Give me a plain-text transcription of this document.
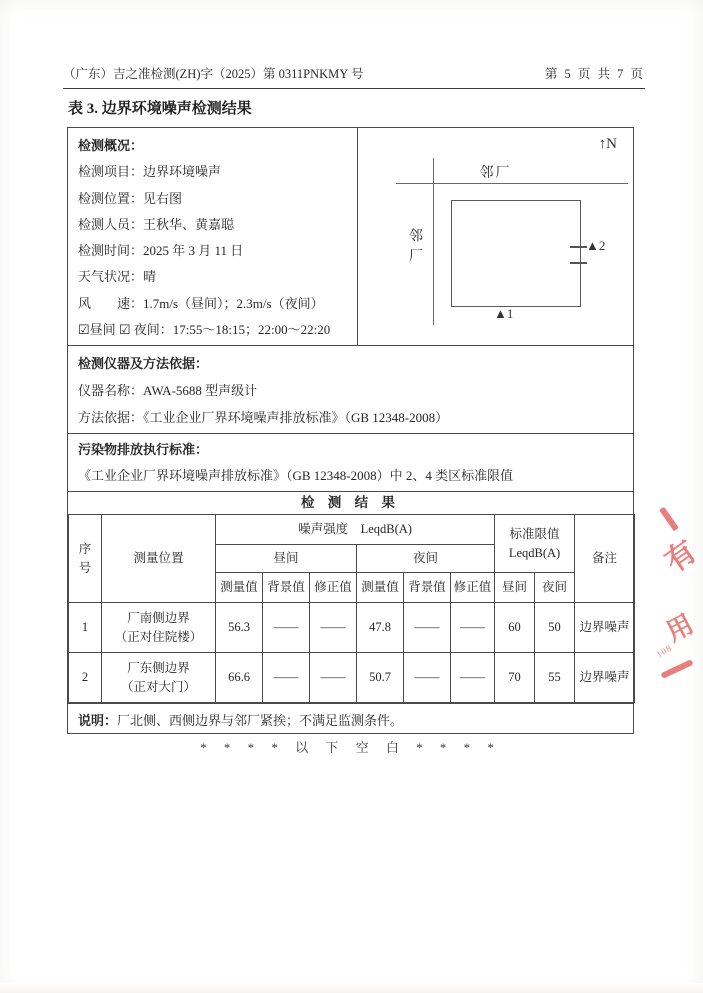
（广东）吉之准检测(ZH)字（2025）第 0311PNKMY 号	第 5 页 共 7 页
表 3. 边界环境噪声检测结果
检测概况：
检测项目：边界环境噪声
检测位置：见右图
检测人员：王秋华、黄嘉聪
检测时间：2025 年 3 月 11 日
天气状况：晴
风　　速：1.7m/s（昼间）；2.3m/s（夜间）
☑昼间 ☑ 夜间：17:55～18:15；22:00～22:20
↑N
邻厂
邻厂	▲2
▲1
检测仪器及方法依据：
仪器名称：AWA-5688 型声级计
方法依据：《工业企业厂界环境噪声排放标准》（GB 12348-2008）
污染物排放执行标准：
《工业企业厂界环境噪声排放标准》（GB 12348-2008）中 2、4 类区标准限值
检 测 结 果
序
号	测量位置	噪声强度　LeqdB(A)						标准限值
LeqdB(A)		备注
		昼间			夜间					
		测量值	背景值	修正值	测量值	背景值	修正值	昼间	夜间	
1	厂南侧边界
（正对住院楼）	56.3	——	——	47.8	——	——	60	50	边界噪声
2	厂东侧边界
（正对大门）	66.6	——	——	50.7	——	——	70	55	边界噪声
说明：厂北侧、西侧边界与邻厂紧挨；不满足监测条件。
* * * * 以 下 空 白 * * * *
有
用
108
